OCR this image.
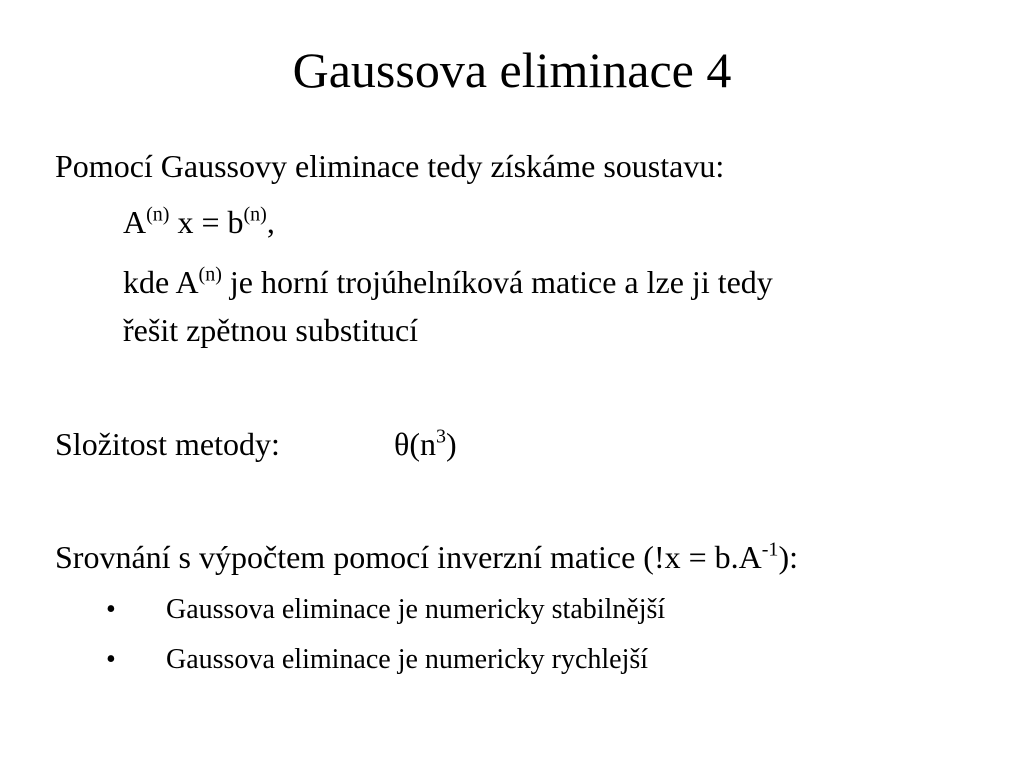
Gaussova eliminace 4
Pomocí Gaussovy eliminace tedy získáme soustavu:
$A^{(n)}$ $x = b^{(n)}$,
kde $A^{(n)}$ je horní trojúhelníková matice a lze ji tedy
řešit zpětnou substitucí
Složitost metody:	$\theta(n^3)$
Srovnání s výpočtem pomocí inverzní matice $(!x = b.A^{-1})$:
• Gaussova eliminace je numericky stabilnější
• Gaussova eliminace je numericky rychlejší
